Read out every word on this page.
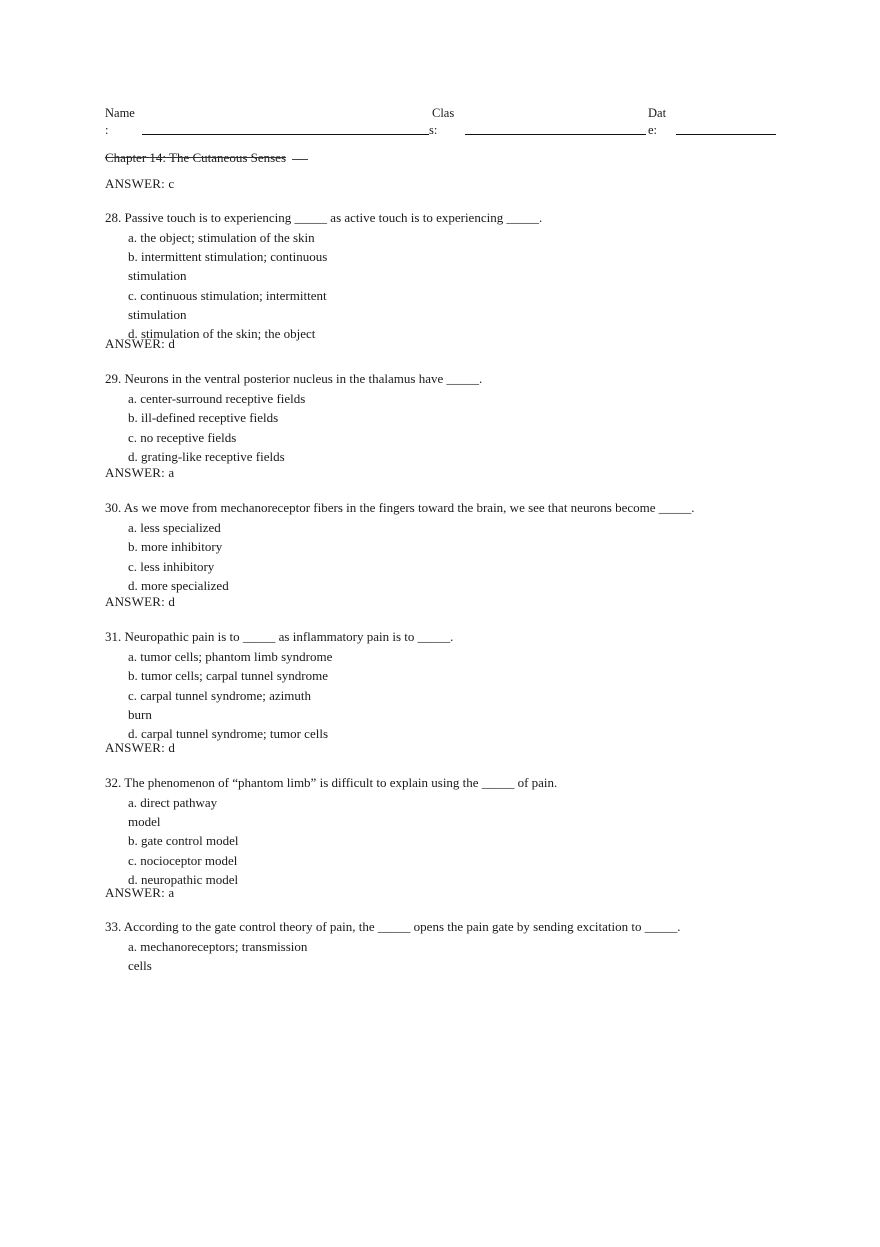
Name
:
Clas
s:
Dat
e:
Chapter 14: The Cutaneous Senses
ANSWER: c
28. Passive touch is to experiencing _____ as active touch is to experiencing _____.
a. the object; stimulation of the skin
b. intermittent stimulation; continuous stimulation
c. continuous stimulation; intermittent stimulation
d. stimulation of the skin; the object
ANSWER: d
29. Neurons in the ventral posterior nucleus in the thalamus have _____.
a. center-surround receptive fields
b. ill-defined receptive fields
c. no receptive fields
d. grating-like receptive fields
ANSWER: a
30. As we move from mechanoreceptor fibers in the fingers toward the brain, we see that neurons become _____.
a. less specialized
b. more inhibitory
c. less inhibitory
d. more specialized
ANSWER: d
31. Neuropathic pain is to _____ as inflammatory pain is to _____.
a. tumor cells; phantom limb syndrome
b. tumor cells; carpal tunnel syndrome
c. carpal tunnel syndrome; azimuth burn
d. carpal tunnel syndrome; tumor cells
ANSWER: d
32. The phenomenon of “phantom limb” is difficult to explain using the _____ of pain.
a. direct pathway model
b. gate control model
c. nocioceptor model
d. neuropathic model
ANSWER: a
33. According to the gate control theory of pain, the _____ opens the pain gate by sending excitation to _____.
a. mechanoreceptors; transmission cells
